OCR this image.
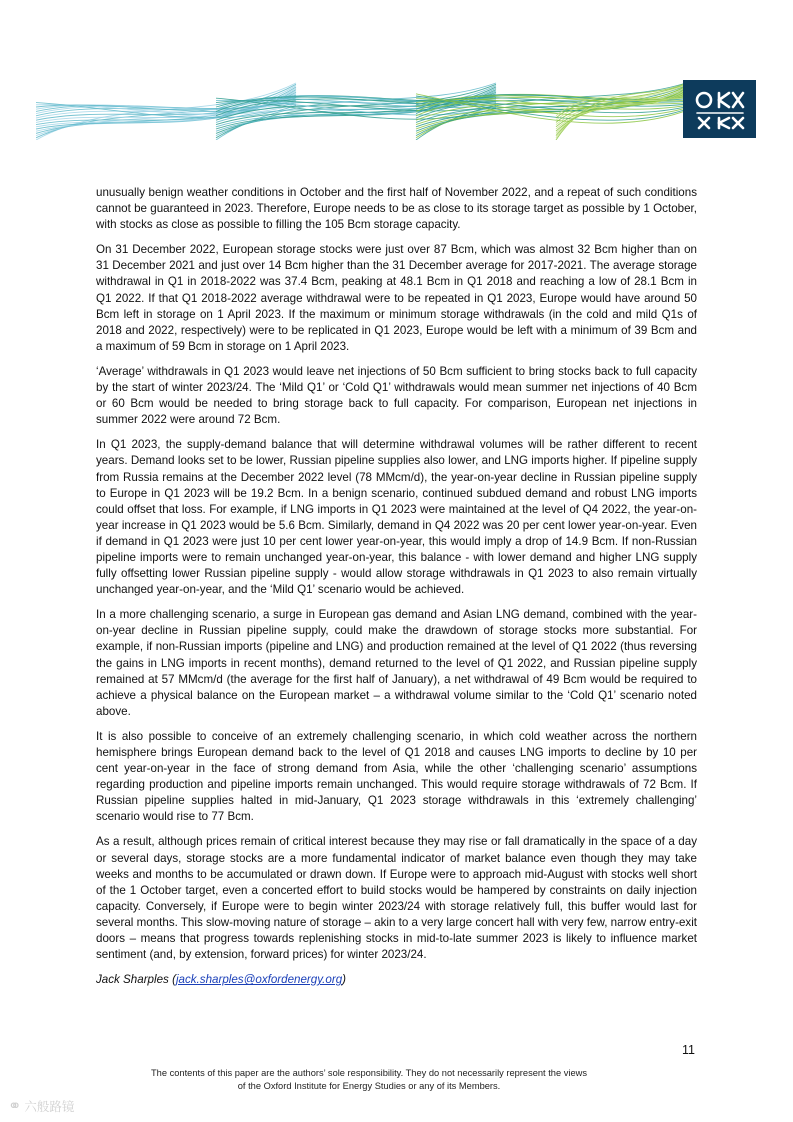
unusually benign weather conditions in October and the first half of November 2022, and a repeat of such conditions cannot be guaranteed in 2023. Therefore, Europe needs to be as close to its storage target as possible by 1 October, with stocks as close as possible to filling the 105 Bcm storage capacity.

On 31 December 2022, European storage stocks were just over 87 Bcm, which was almost 32 Bcm higher than on 31 December 2021 and just over 14 Bcm higher than the 31 December average for 2017-2021. The average storage withdrawal in Q1 in 2018-2022 was 37.4 Bcm, peaking at 48.1 Bcm in Q1 2018 and reaching a low of 28.1 Bcm in Q1 2022. If that Q1 2018-2022 average withdrawal were to be repeated in Q1 2023, Europe would have around 50 Bcm left in storage on 1 April 2023. If the maximum or minimum storage withdrawals (in the cold and mild Q1s of 2018 and 2022, respectively) were to be replicated in Q1 2023, Europe would be left with a minimum of 39 Bcm and a maximum of 59 Bcm in storage on 1 April 2023.

‘Average’ withdrawals in Q1 2023 would leave net injections of 50 Bcm sufficient to bring stocks back to full capacity by the start of winter 2023/24. The ‘Mild Q1’ or ‘Cold Q1’ withdrawals would mean summer net injections of 40 Bcm or 60 Bcm would be needed to bring storage back to full capacity. For comparison, European net injections in summer 2022 were around 72 Bcm.

In Q1 2023, the supply-demand balance that will determine withdrawal volumes will be rather different to recent years. Demand looks set to be lower, Russian pipeline supplies also lower, and LNG imports higher. If pipeline supply from Russia remains at the December 2022 level (78 MMcm/d), the year-on-year decline in Russian pipeline supply to Europe in Q1 2023 will be 19.2 Bcm. In a benign scenario, continued subdued demand and robust LNG imports could offset that loss. For example, if LNG imports in Q1 2023 were maintained at the level of Q4 2022, the year-on-year increase in Q1 2023 would be 5.6 Bcm. Similarly, demand in Q4 2022 was 20 per cent lower year-on-year. Even if demand in Q1 2023 were just 10 per cent lower year-on-year, this would imply a drop of 14.9 Bcm. If non-Russian pipeline imports were to remain unchanged year-on-year, this balance - with lower demand and higher LNG supply fully offsetting lower Russian pipeline supply - would allow storage withdrawals in Q1 2023 to also remain virtually unchanged year-on-year, and the ‘Mild Q1’ scenario would be achieved.

In a more challenging scenario, a surge in European gas demand and Asian LNG demand, combined with the year-on-year decline in Russian pipeline supply, could make the drawdown of storage stocks more substantial. For example, if non-Russian imports (pipeline and LNG) and production remained at the level of Q1 2022 (thus reversing the gains in LNG imports in recent months), demand returned to the level of Q1 2022, and Russian pipeline supply remained at 57 MMcm/d (the average for the first half of January), a net withdrawal of 49 Bcm would be required to achieve a physical balance on the European market – a withdrawal volume similar to the ‘Cold Q1’ scenario noted above.

It is also possible to conceive of an extremely challenging scenario, in which cold weather across the northern hemisphere brings European demand back to the level of Q1 2018 and causes LNG imports to decline by 10 per cent year-on-year in the face of strong demand from Asia, while the other ‘challenging scenario’ assumptions regarding production and pipeline imports remain unchanged. This would require storage withdrawals of 72 Bcm. If Russian pipeline supplies halted in mid-January, Q1 2023 storage withdrawals in this ‘extremely challenging’ scenario would rise to 77 Bcm.

As a result, although prices remain of critical interest because they may rise or fall dramatically in the space of a day or several days, storage stocks are a more fundamental indicator of market balance even though they may take weeks and months to be accumulated or drawn down. If Europe were to approach mid-August with stocks well short of the 1 October target, even a concerted effort to build stocks would be hampered by constraints on daily injection capacity. Conversely, if Europe were to begin winter 2023/24 with storage relatively full, this buffer would last for several months. This slow-moving nature of storage – akin to a very large concert hall with very few, narrow entry-exit doors – means that progress towards replenishing stocks in mid-to-late summer 2023 is likely to influence market sentiment (and, by extension, forward prices) for winter 2023/24.

Jack Sharples (jack.sharples@oxfordenergy.org)
11
The contents of this paper are the authors’ sole responsibility. They do not necessarily represent the views
of the Oxford Institute for Energy Studies or any of its Members.
⚭ 六般路镜
